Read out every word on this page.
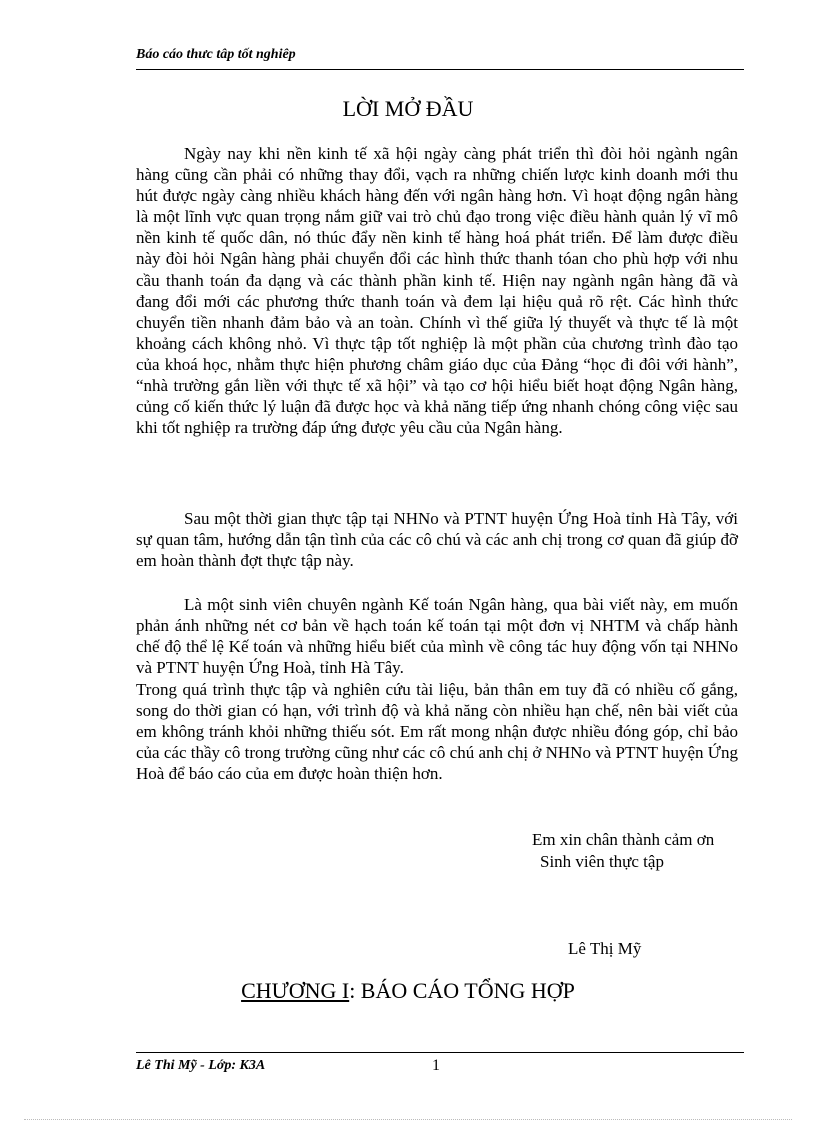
Báo cáo thưc tâp tốt nghiêp
LỜI MỞ ĐẦU

Ngày nay khi nền kinh tế xã hội ngày càng phát triển thì đòi hỏi ngành ngân hàng cũng cần phải có những thay đổi, vạch ra những chiến lược kinh doanh mới thu hút được ngày càng nhiều khách hàng đến với ngân hàng hơn. Vì hoạt động ngân hàng là một lĩnh vực quan trọng nắm giữ vai trò chủ đạo trong việc điều hành quản lý vĩ mô nền kinh tế quốc dân, nó thúc đẩy nền kinh tế hàng hoá phát triển. Để làm được điều này đòi hỏi Ngân hàng phải chuyển đổi các hình thức thanh tóan cho phù hợp với nhu cầu thanh toán đa dạng và các thành phần kinh tế. Hiện nay ngành ngân hàng đã và đang đổi mới các phương thức thanh toán và đem lại hiệu quả rõ rệt. Các hình thức chuyển tiền nhanh đảm bảo và an toàn. Chính vì thế giữa lý thuyết và thực tế là một khoảng cách không nhỏ. Vì thực tập tốt nghiệp là một phần của chương trình đào tạo của khoá học, nhằm thực hiện phương châm giáo dục của Đảng “học đi đôi với hành”, “nhà trường gắn liền với thực tế xã hội” và tạo cơ hội hiểu biết hoạt động Ngân hàng, củng cố kiến thức lý luận đã được học và khả năng tiếp ứng nhanh chóng công việc sau khi tốt nghiệp ra trường đáp ứng được yêu cầu của Ngân hàng.

Sau một thời gian thực tập tại NHNo và PTNT huyện Ứng Hoà tỉnh Hà Tây, với sự quan tâm, hướng dẫn tận tình của các cô chú và các anh chị trong cơ quan đã giúp đỡ em hoàn thành đợt thực tập này.

Là một sinh viên chuyên ngành Kế toán Ngân hàng, qua bài viết này, em muốn phản ánh những nét cơ bản về hạch toán kế toán tại một đơn vị NHTM và chấp hành chế độ thể lệ Kế toán và những hiểu biết của mình về công tác huy động vốn tại NHNo và PTNT huyện Ứng Hoà, tỉnh Hà Tây.

Trong quá trình thực tập và nghiên cứu tài liệu, bản thân em tuy đã có nhiều cố gắng, song do thời gian có hạn, với trình độ và khả năng còn nhiều hạn chế, nên bài viết của em không tránh khỏi những thiếu sót. Em rất mong nhận được nhiều đóng góp, chỉ bảo của các thầy cô trong trường cũng như các cô chú anh chị ở NHNo và PTNT huyện Ứng Hoà để báo cáo của em được hoàn thiện hơn.

Em xin chân thành cảm ơn
Sinh viên thực tập
Lê Thị Mỹ
CHƯƠNG I: BÁO CÁO TỔNG HỢP
Lê Thi Mỹ - Lớp: K3A	1
